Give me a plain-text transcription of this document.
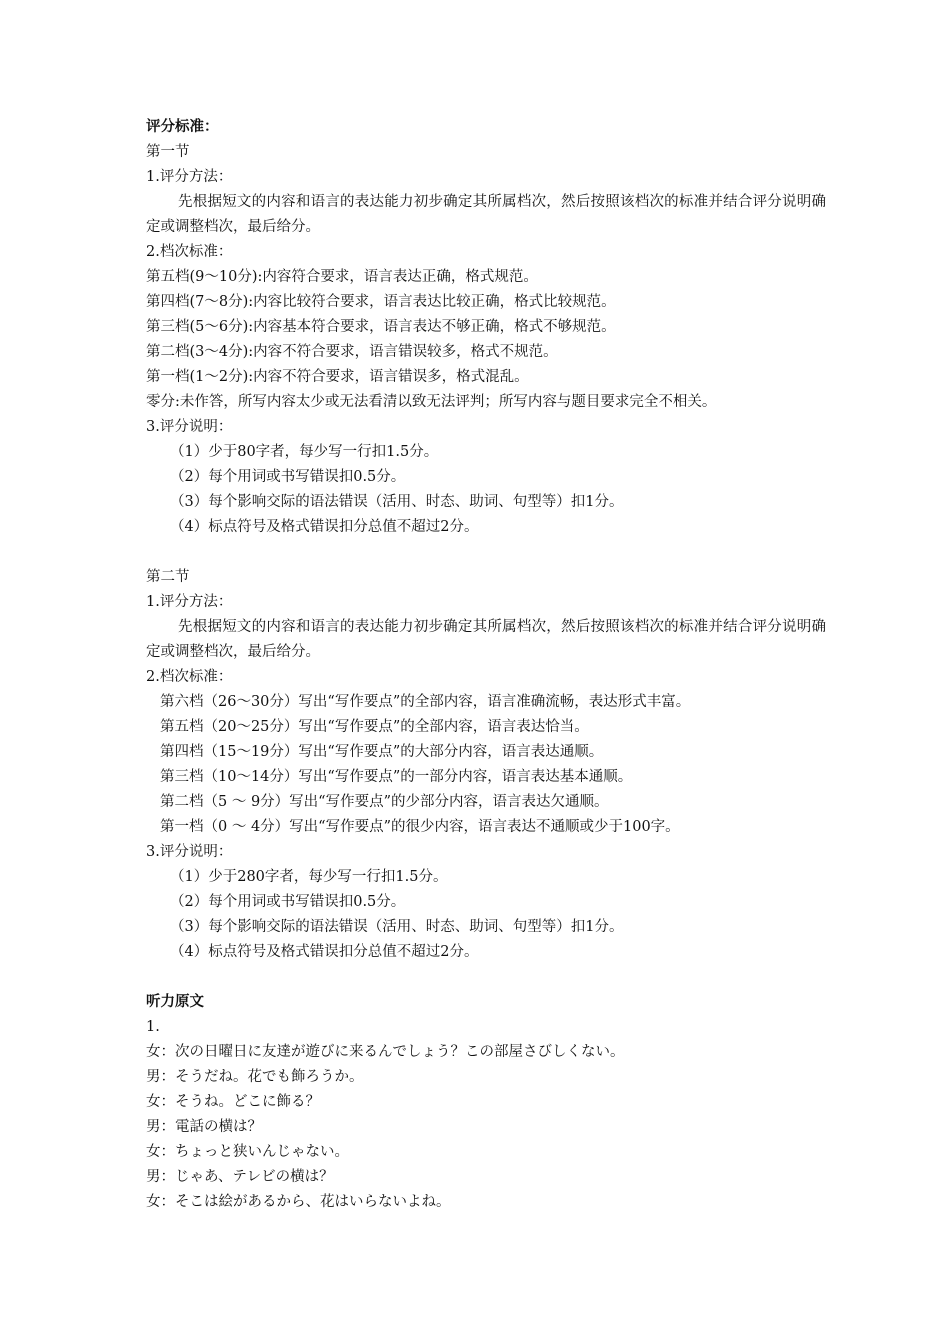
评分标准：
第一节
1.评分方法：
先根据短文的内容和语言的表达能力初步确定其所属档次，然后按照该档次的标准并结合评分说明确定或调整档次，最后给分。
2.档次标准：
第五档(9～10分):内容符合要求，语言表达正确，格式规范。
第四档(7～8分):内容比较符合要求，语言表达比较正确，格式比较规范。
第三档(5～6分):内容基本符合要求，语言表达不够正确，格式不够规范。
第二档(3～4分):内容不符合要求，语言错误较多，格式不规范。
第一档(1～2分):内容不符合要求，语言错误多，格式混乱。
零分:未作答，所写内容太少或无法看清以致无法评判；所写内容与题目要求完全不相关。
3.评分说明：
（1）少于80字者，每少写一行扣1.5分。
（2）每个用词或书写错误扣0.5分。
（3）每个影响交际的语法错误（活用、时态、助词、句型等）扣1分。
（4）标点符号及格式错误扣分总值不超过2分。
第二节
1.评分方法：
先根据短文的内容和语言的表达能力初步确定其所属档次，然后按照该档次的标准并结合评分说明确定或调整档次，最后给分。
2.档次标准：
第六档（26～30分）写出“写作要点”的全部内容，语言准确流畅，表达形式丰富。
第五档（20～25分）写出“写作要点”的全部内容，语言表达恰当。
第四档（15～19分）写出“写作要点”的大部分内容，语言表达通顺。
第三档（10～14分）写出“写作要点”的一部分内容，语言表达基本通顺。
第二档（5 ～ 9分）写出“写作要点”的少部分内容，语言表达欠通顺。
第一档（0 ～ 4分）写出“写作要点”的很少内容，语言表达不通顺或少于100字。
3.评分说明：
（1）少于280字者，每少写一行扣1.5分。
（2）每个用词或书写错误扣0.5分。
（3）每个影响交际的语法错误（活用、时态、助词、句型等）扣1分。
（4）标点符号及格式错误扣分总值不超过2分。
听力原文
1.
女：次の日曜日に友達が遊びに来るんでしょう？この部屋さびしくない。
男：そうだね。花でも飾ろうか。
女：そうね。どこに飾る？
男：電話の横は？
女：ちょっと狭いんじゃない。
男：じゃあ、テレビの横は？
女：そこは絵があるから、花はいらないよね。
